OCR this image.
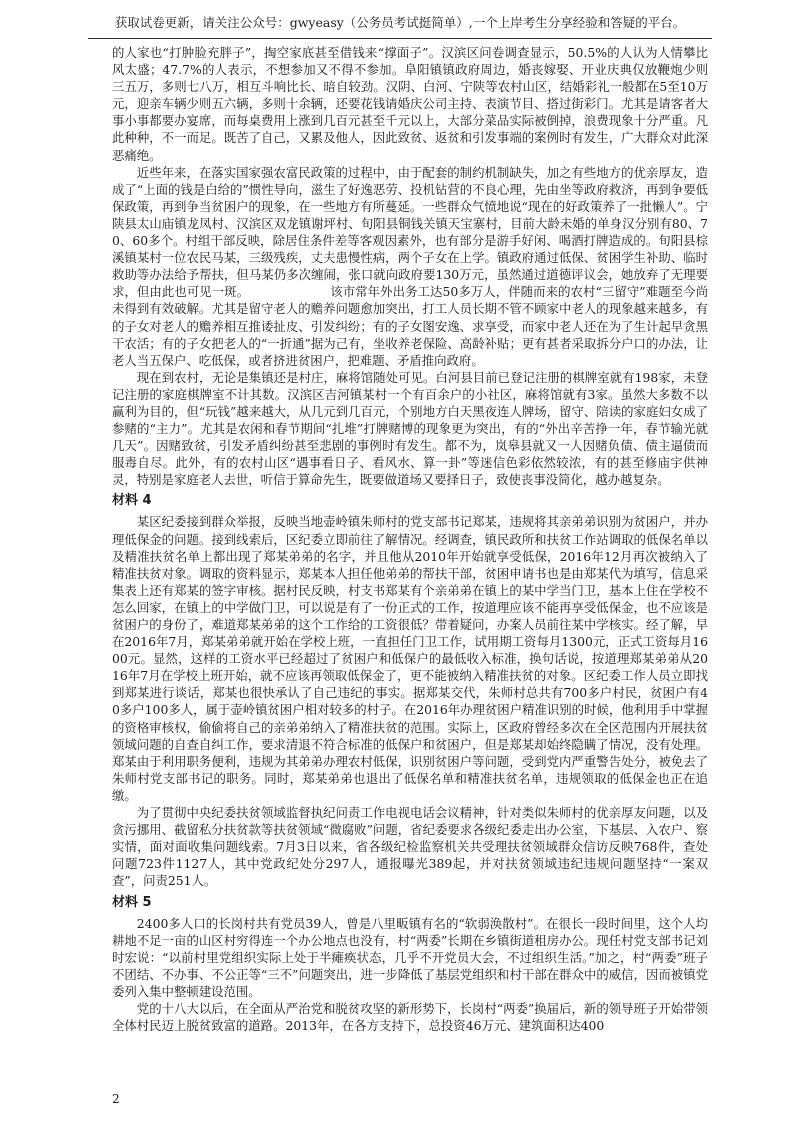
获取试卷更新，请关注公众号：gwyeasy（公务员考试挺简单）,一个上岸考生分享经验和答疑的平台。

的人家也“打肿脸充胖子”，掏空家底甚至借钱来“撑面子”。汉滨区问卷调查显示，50.5%的人认为人情攀比风太盛；47.7%的人表示，不想参加又不得不参加。阜阳镇镇政府周边，婚丧嫁娶、开业庆典仅放鞭炮少则三五万，多则七八万，相互斗响比长、暗自较劲。汉阴、白河、宁陕等农村山区，结婚彩礼一般都在5至10万元，迎亲车辆少则五六辆，多则十余辆，还要花钱请婚庆公司主持、表演节目、搭过街彩门。尤其是请客者大事小事都要办宴席，而每桌费用上涨到几百元甚至千元以上，大部分菜品实际被倒掉，浪费现象十分严重。凡此种种，不一而足。既苦了自己，又累及他人，因此致贫、返贫和引发事端的案例时有发生，广大群众对此深恶痛绝。

近些年来，在落实国家强农富民政策的过程中，由于配套的制约机制缺失，加之有些地方的优亲厚友，造成了“上面的钱是白给的”惯性导向，滋生了好逸恶劳、投机钻营的不良心理，先由坐等政府救济，再到争要低保政策，再到争当贫困户的现象，在一些地方有所蔓延。一些群众气愤地说“现在的好政策养了一批懒人”。宁陕县太山庙镇龙凤村、汉滨区双龙镇谢坪村、旬阳县铜钱关镇天宝寨村，目前大龄未婚的单身汉分别有80、70、60多个。村组干部反映，除居住条件差等客观因素外，也有部分是游手好闲、喝酒打牌造成的。旬阳县棕溪镇某村一位农民马某，三级残疾，丈夫患慢性病，两个子女在上学。镇政府通过低保、贫困学生补助、临时救助等办法给予帮扶，但马某仍多次缠闹，张口就向政府要130万元，虽然通过道德评议会，她放弃了无理要求，但由此也可见一斑。　　　　　　　该市常年外出务工达50多万人，伴随而来的农村“三留守”难题至今尚未得到有效破解。尤其是留守老人的赡养问题愈加突出，打工人员长期不管不顾家中老人的现象越来越多，有的子女对老人的赡养相互推诿扯皮、引发纠纷；有的子女图安逸、求享受，而家中老人还在为了生计起早贪黑干农活；有的子女把老人的“一折通”据为己有，坐收养老保险、高龄补贴；更有甚者采取拆分户口的办法，让老人当五保户、吃低保，或者挤进贫困户，把难题、矛盾推向政府。

现在到农村，无论是集镇还是村庄，麻将馆随处可见。白河县目前已登记注册的棋牌室就有198家，未登记注册的家庭棋牌室不计其数。汉滨区吉河镇某村一个有百余户的小社区，麻将馆就有3家。虽然大多数不以赢利为目的，但“玩钱”越来越大，从几元到几百元，个别地方白天黑夜连人牌场，留守、陪读的家庭妇女成了参赌的“主力”。尤其是农闲和春节期间“扎堆”打牌赌博的现象更为突出，有的“外出辛苦挣一年，春节输光就几天”。因赌致贫，引发矛盾纠纷甚至悲剧的事例时有发生。都不为，岚皋县就又一人因赌负债、债主逼债而服毒自尽。此外，有的农村山区“遇事看日子、看风水、算一卦”等迷信色彩依然较浓，有的甚至修庙宇供神灵，特别是家庭老人去世，听信于算命先生，既要做道场又要择日子，致使丧事没简化，越办越复杂。

材料 4

某区纪委接到群众举报，反映当地壶岭镇朱师村的党支部书记郑某，违规将其亲弟弟识别为贫困户，并办理低保金的问题。接到线索后，区纪委立即前往了解情况。经调查，镇民政所和扶贫工作站调取的低保名单以及精准扶贫名单上都出现了郑某弟弟的名字，并且他从2010年开始就享受低保，2016年12月再次被纳入了精准扶贫对象。调取的资料显示，郑某本人担任他弟弟的帮扶干部，贫困申请书也是由郑某代为填写，信息采集表上还有郑某的签字审核。据村民反映，村支书郑某有个亲弟弟在镇上的某中学当门卫，基本上住在学校不怎么回家，在镇上的中学做门卫，可以说是有了一份正式的工作，按道理应该不能再享受低保金，也不应该是贫困户的身份了，难道郑某弟弟的这个工作给的工资很低？带着疑问，办案人员前往某中学核实。经了解，早在2016年7月，郑某弟弟就开始在学校上班，一直担任门卫工作，试用期工资每月1300元，正式工资每月1600元。显然，这样的工资水平已经超过了贫困户和低保户的最低收入标准，换句话说，按道理郑某弟弟从2016年7月在学校上班开始，就不应该再领取低保金了，更不能被纳入精准扶贫的对象。区纪委工作人员立即找到郑某进行谈话，郑某也很快承认了自己违纪的事实。据郑某交代，朱师村总共有700多户村民，贫困户有40多户100多人，属于壶岭镇贫困户相对较多的村子。在2016年办理贫困户精准识别的时候，他利用手中掌握的资格审核权，偷偷将自己的亲弟弟纳入了精准扶贫的范围。实际上，区政府曾经多次在全区范围内开展扶贫领域问题的自查自纠工作，要求清退不符合标准的低保户和贫困户，但是郑某却始终隐瞒了情况，没有处理。郑某由于利用职务便利，违规为其弟弟办理农村低保，识别贫困户等问题，受到党内严重警告处分，被免去了朱师村党支部书记的职务。同时，郑某弟弟也退出了低保名单和精准扶贫名单，违规领取的低保金也正在追缴。

为了贯彻中央纪委扶贫领域监督执纪问责工作电视电话会议精神，针对类似朱师村的优亲厚友问题，以及贪污挪用、截留私分扶贫款等扶贫领域“微腐败”问题，省纪委要求各级纪委走出办公室，下基层、入农户、察实情，面对面收集问题线索。7月3日以来，省各级纪检监察机关共受理扶贫领域群众信访反映768件，查处问题723件1127人，其中党政纪处分297人，通报曝光389起，并对扶贫领域违纪违规问题坚持“一案双查”，问责251人。

材料 5

2400多人口的长岗村共有党员39人，曾是八里畈镇有名的“软弱涣散村”。在很长一段时间里，这个人均耕地不足一亩的山区村穷得连一个办公地点也没有，村“两委”长期在乡镇街道租房办公。现任村党支部书记刘时宏说：“以前村里党组织实际上处于半瘫痪状态，几乎不开党员大会，不过组织生活。”加之，村“两委”班子不团结、不办事、不公正等“三不”问题突出，进一步降低了基层党组织和村干部在群众中的威信，因而被镇党委列入集中整顿建设范围。

党的十八大以后，在全面从严治党和脱贫攻坚的新形势下，长岗村“两委”换届后，新的领导班子开始带领全体村民迈上脱贫致富的道路。2013年，在各方支持下，总投资46万元、建筑面积达400

2
